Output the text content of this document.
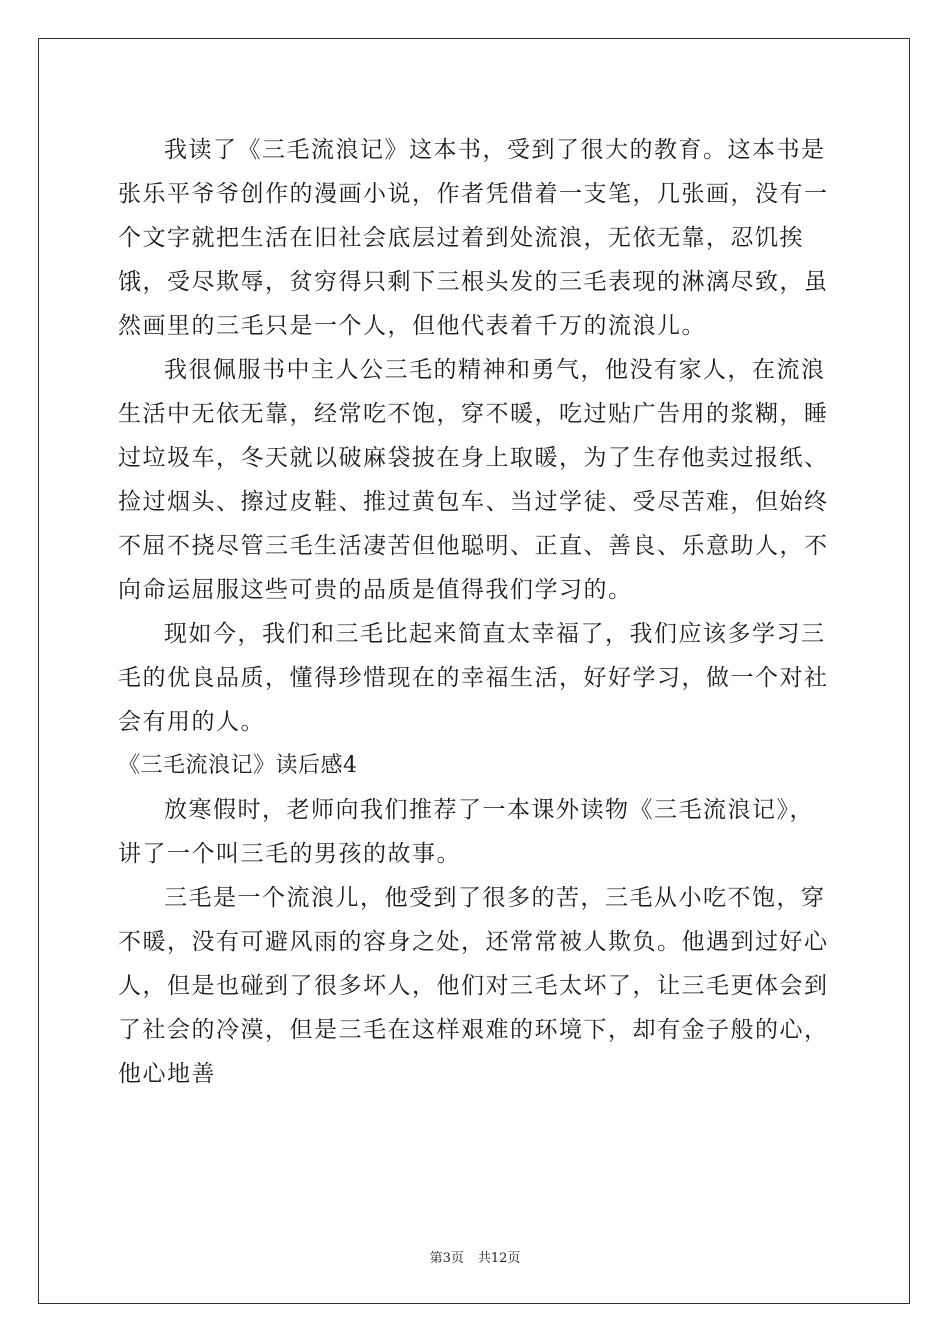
我读了《三毛流浪记》这本书，受到了很大的教育。这本书是张乐平爷爷创作的漫画小说，作者凭借着一支笔，几张画，没有一个文字就把生活在旧社会底层过着到处流浪，无依无靠，忍饥挨饿，受尽欺辱，贫穷得只剩下三根头发的三毛表现的淋漓尽致，虽然画里的三毛只是一个人，但他代表着千万的流浪儿。

我很佩服书中主人公三毛的精神和勇气，他没有家人，在流浪生活中无依无靠，经常吃不饱，穿不暖，吃过贴广告用的浆糊，睡过垃圾车，冬天就以破麻袋披在身上取暖，为了生存他卖过报纸、捡过烟头、擦过皮鞋、推过黄包车、当过学徒、受尽苦难，但始终不屈不挠尽管三毛生活凄苦但他聪明、正直、善良、乐意助人，不向命运屈服这些可贵的品质是值得我们学习的。

现如今，我们和三毛比起来简直太幸福了，我们应该多学习三毛的优良品质，懂得珍惜现在的幸福生活，好好学习，做一个对社会有用的人。

《三毛流浪记》读后感4

放寒假时，老师向我们推荐了一本课外读物《三毛流浪记》，讲了一个叫三毛的男孩的故事。

三毛是一个流浪儿，他受到了很多的苦，三毛从小吃不饱，穿不暖，没有可避风雨的容身之处，还常常被人欺负。他遇到过好心人，但是也碰到了很多坏人，他们对三毛太坏了，让三毛更体会到了社会的冷漠，但是三毛在这样艰难的环境下，却有金子般的心，他心地善

第3页 共12页
